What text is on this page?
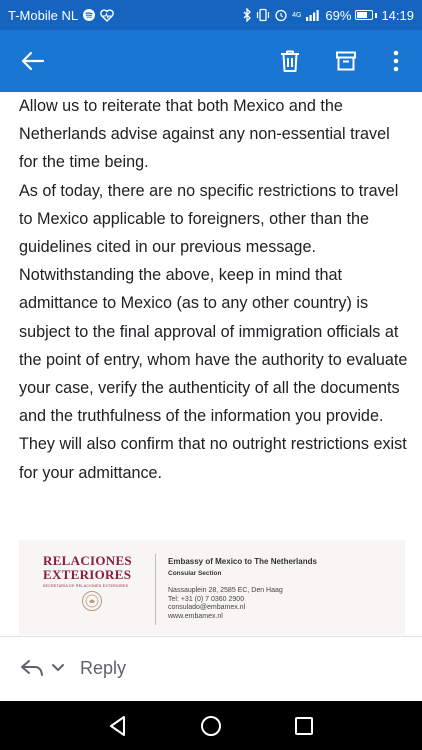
T-Mobile NL	4G 69% 14:19

Allow us to reiterate that both Mexico and the Netherlands advise against any non-essential travel for the time being.

As of today, there are no specific restrictions to travel to Mexico applicable to foreigners, other than the guidelines cited in our previous message.

Notwithstanding the above, keep in mind that admittance to Mexico (as to any other country) is subject to the final approval of immigration officials at the point of entry, whom have the authority to evaluate your case, verify the authenticity of all the documents and the truthfulness of the information you provide. They will also confirm that no outright restrictions exist for your admittance.

RELACIONES
EXTERIORES
SECRETARÍA DE RELACIONES EXTERIORES
Embassy of Mexico to The Netherlands
Consular Section
Nassauplein 28, 2585 EC, Den Haag
Tel: +31 (0) 7 0360 2900
consulado@embamex.nl
www.embamex.nl
Reply
